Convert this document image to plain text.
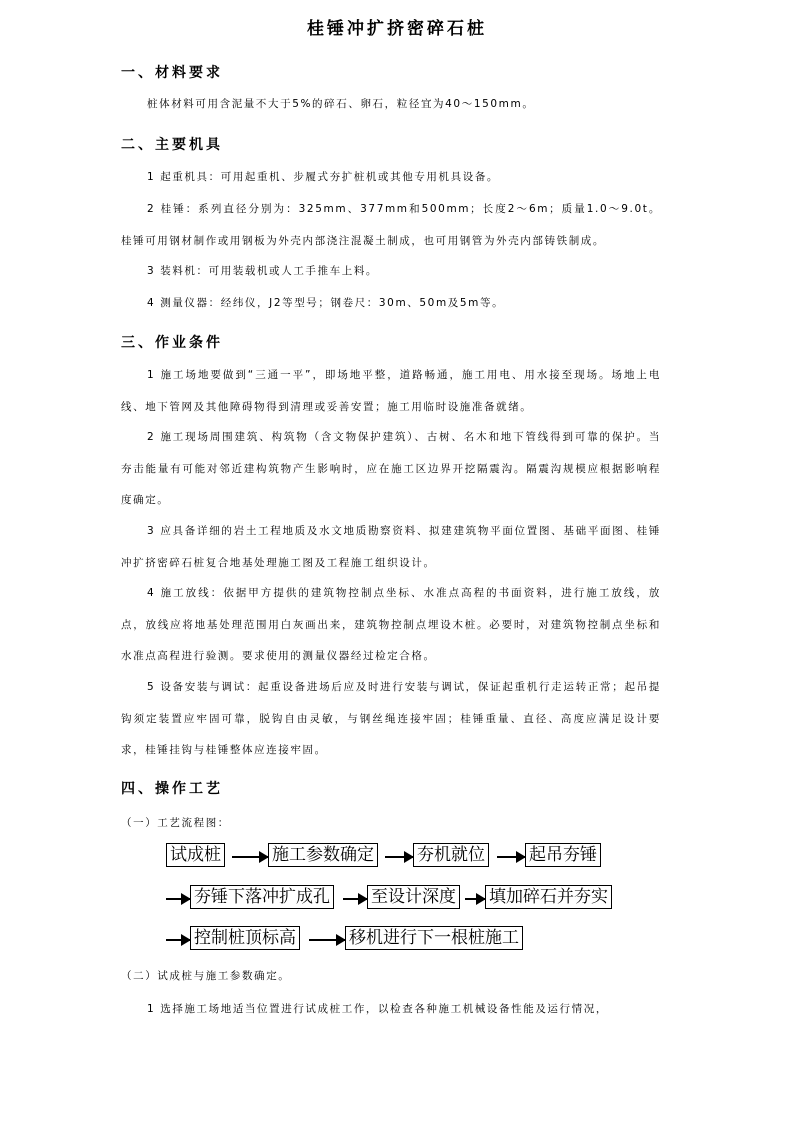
桂锤冲扩挤密碎石桩
一、材料要求
桩体材料可用含泥量不大于5%的碎石、卵石，粒径宜为40～150mm。
二、主要机具
1 起重机具：可用起重机、步履式夯扩桩机或其他专用机具设备。
2 桂锤：系列直径分别为：325mm、377mm和500mm；长度2～6m；质量1.0～9.0t。桂锤可用钢材制作或用钢板为外壳内部浇注混凝土制成，也可用钢管为外壳内部铸铁制成。
3 装料机：可用装载机或人工手推车上料。
4 测量仪器：经纬仪，J2等型号；钢卷尺：30m、50m及5m等。
三、作业条件
1 施工场地要做到“三通一平”，即场地平整，道路畅通，施工用电、用水接至现场。场地上电线、地下管网及其他障碍物得到清理或妥善安置；施工用临时设施准备就绪。
2 施工现场周围建筑、构筑物（含文物保护建筑）、古树、名木和地下管线得到可靠的保护。当夯击能量有可能对邻近建构筑物产生影响时，应在施工区边界开挖隔震沟。隔震沟规模应根据影响程度确定。
3 应具备详细的岩土工程地质及水文地质勘察资料、拟建建筑物平面位置图、基础平面图、桂锤冲扩挤密碎石桩复合地基处理施工图及工程施工组织设计。
4 施工放线：依据甲方提供的建筑物控制点坐标、水准点高程的书面资料，进行施工放线，放点，放线应将地基处理范围用白灰画出来，建筑物控制点埋设木桩。必要时，对建筑物控制点坐标和水准点高程进行验测。要求使用的测量仪器经过检定合格。
5 设备安装与调试：起重设备进场后应及时进行安装与调试，保证起重机行走运转正常；起吊提钩须定装置应牢固可靠，脱钩自由灵敏，与钢丝绳连接牢固；桂锤重量、直径、高度应满足设计要求，桂锤挂钩与桂锤整体应连接牢固。
四、操作工艺
（一）工艺流程图：
试成桩	施工参数确定	夯机就位	起吊夯锤
夯锤下落冲扩成孔 至设计深度 填加碎石并夯实
控制桩顶标高	移机进行下一根桩施工
（二）试成桩与施工参数确定。
1 选择施工场地适当位置进行试成桩工作，以检查各种施工机械设备性能及运行情况，
